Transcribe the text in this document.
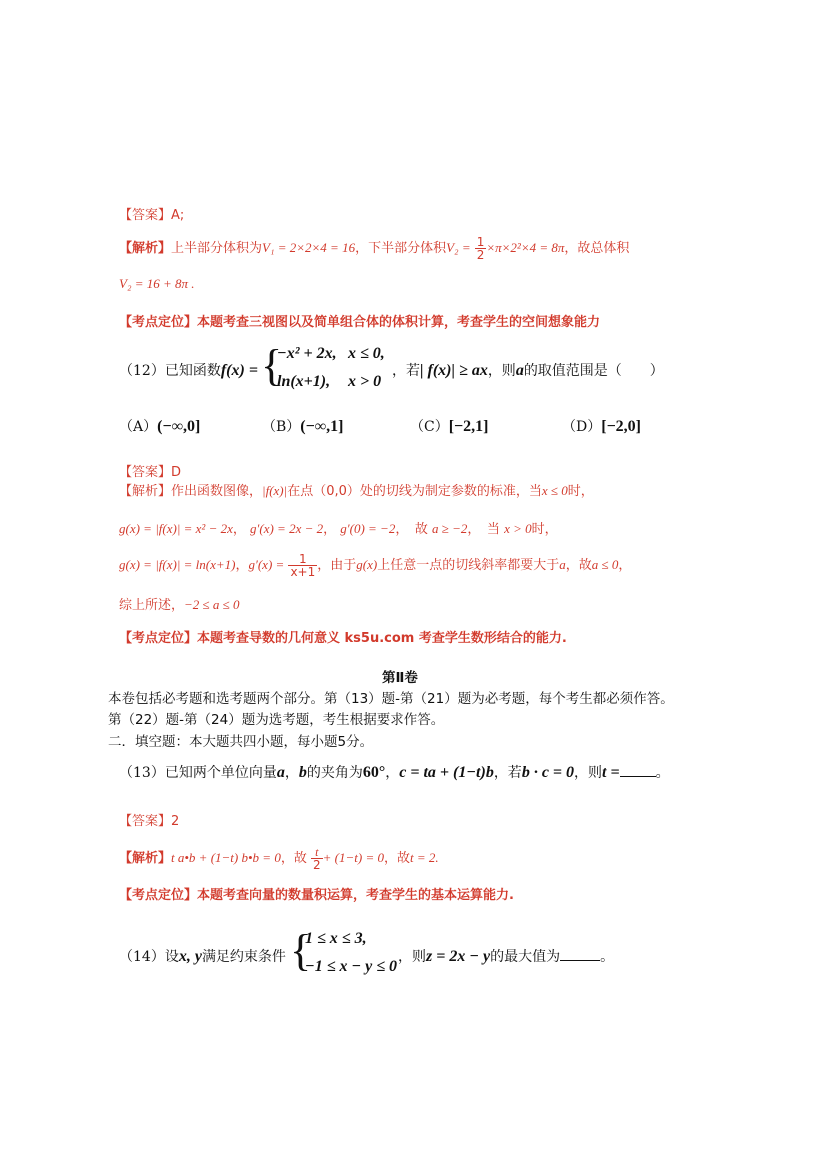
【答案】A;
【解析】上半部分体积为V₁ = 2×2×4 = 16，下半部分体积$V_2 = \frac{1}{2} \times\pi\times 2^2\times 4 = 8\pi$，故总体积
V₂ = 16 + 8π .
【考点定位】本题考查三视图以及简单组合体的体积计算，考查学生的空间想象能力
（12）已知函数f(x) = {
−x² + 2x, x ≤ 0,
ln(x+1), x > 0
，若| f(x)| ≥ ax，则a的取值范围是（　　）
（A）(−∞,0]	（B）(−∞,1]	（C）[−2,1]	（D）[−2,0]
【答案】D
【解析】作出函数图像，|f(x)|在点（0,0）处的切线为制定参数的标准，当x ≤ 0时，
g(x) = |f(x)| = x² − 2x， g′(x) = 2x − 2， g′(0) = −2，　故 a ≥ −2，　当 x > 0时，
g(x) = |f(x)| = ln(x+1)，$g'(x) = \frac{1}{x+1}$ ，由于g(x)上任意一点的切线斜率都要大于a，故a ≤ 0，
综上所述，−2 ≤ a ≤ 0
【考点定位】本题考查导数的几何意义 ks5u.com 考查学生数形结合的能力.
第Ⅱ卷
本卷包括必考题和选考题两个部分。第（13）题-第（21）题为必考题，每个考生都必须作答。
第（22）题-第（24）题为选考题，考生根据要求作答。
二．填空题：本大题共四小题，每小题5分。
（13）已知两个单位向量a，b的夹角为60°，c = ta + (1−t)b，若b · c = 0，则t =	。
【答案】2
【解析】t a•b + (1−t) b•b = 0，故 $\frac{t}{2} + (1-t) = 0$，故t = 2.
【考点定位】本题考查向量的数量积运算，考查学生的基本运算能力.
（14）设x, y满足约束条件 {
1 ≤ x ≤ 3,
−1 ≤ x − y ≤ 0
，则z = 2x − y的最大值为	。
